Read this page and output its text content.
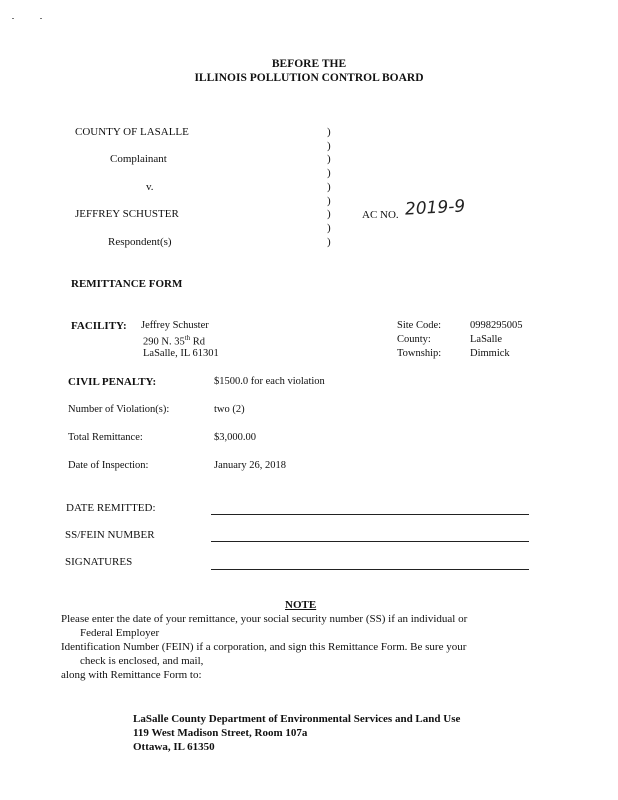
BEFORE THE
ILLINOIS POLLUTION CONTROL BOARD
COUNTY OF LASALLE
Complainant
v.
JEFFREY SCHUSTER
Respondent(s)
)
)
)
)
)
)
)
)
)
AC NO. 2019-9
REMITTANCE FORM
FACILITY: Jeffrey Schuster
290 N. 35th Rd
LaSalle, IL 61301
Site Code:	0998295005
County:	LaSalle
Township:	Dimmick
CIVIL PENALTY:	$1500.0 for each violation
Number of Violation(s):	two (2)
Total Remittance:	$3,000.00
Date of Inspection:	January 26, 2018
DATE REMITTED:
SS/FEIN NUMBER
SIGNATURES
NOTE
Please enter the date of your remittance, your social security number (SS) if an individual or
Federal Employer
Identification Number (FEIN) if a corporation, and sign this Remittance Form. Be sure your
check is enclosed, and mail,
along with Remittance Form to:
LaSalle County Department of Environmental Services and Land Use
119 West Madison Street, Room 107a
Ottawa, IL 61350
